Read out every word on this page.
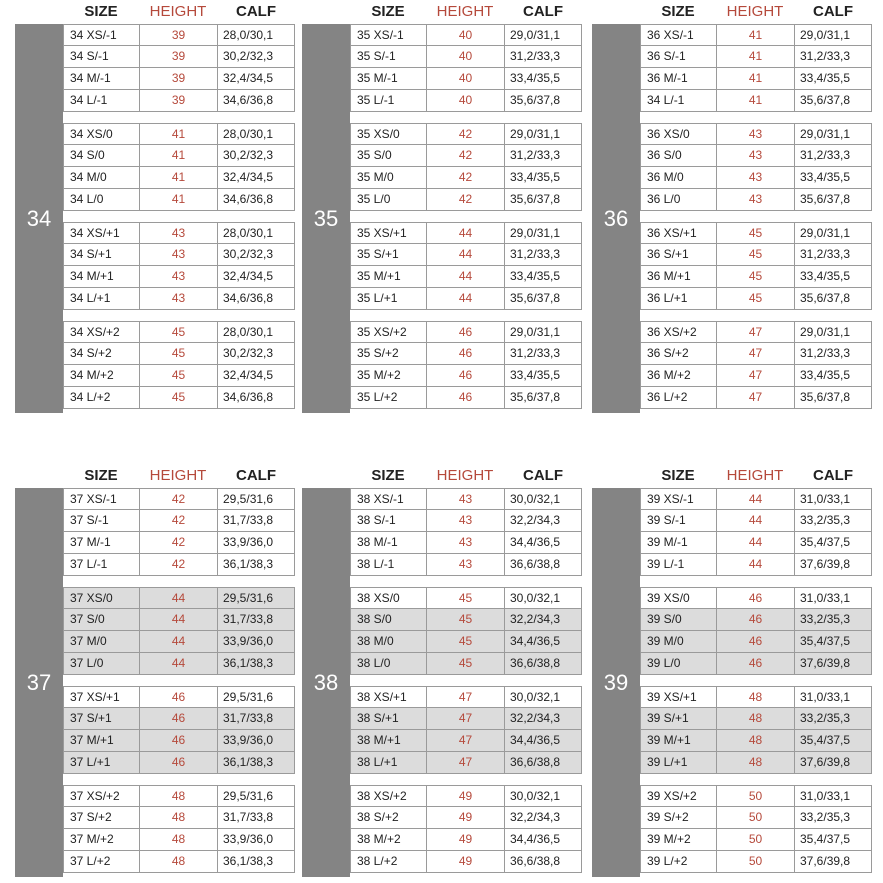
SIZE	HEIGHT	CALF
34
34 XS/-1	39	28,0/30,1
34 S/-1	39	30,2/32,3
34 M/-1	39	32,4/34,5
34 L/-1	39	34,6/36,8
34 XS/0	41	28,0/30,1
34 S/0	41	30,2/32,3
34 M/0	41	32,4/34,5
34 L/0	41	34,6/36,8
34 XS/+1	43	28,0/30,1
34 S/+1	43	30,2/32,3
34 M/+1	43	32,4/34,5
34 L/+1	43	34,6/36,8
34 XS/+2	45	28,0/30,1
34 S/+2	45	30,2/32,3
34 M/+2	45	32,4/34,5
34 L/+2	45	34,6/36,8
SIZE	HEIGHT	CALF
35
35 XS/-1	40	29,0/31,1
35 S/-1	40	31,2/33,3
35 M/-1	40	33,4/35,5
35 L/-1	40	35,6/37,8
35 XS/0	42	29,0/31,1
35 S/0	42	31,2/33,3
35 M/0	42	33,4/35,5
35 L/0	42	35,6/37,8
35 XS/+1	44	29,0/31,1
35 S/+1	44	31,2/33,3
35 M/+1	44	33,4/35,5
35 L/+1	44	35,6/37,8
35 XS/+2	46	29,0/31,1
35 S/+2	46	31,2/33,3
35 M/+2	46	33,4/35,5
35 L/+2	46	35,6/37,8
SIZE	HEIGHT	CALF
36
36 XS/-1	41	29,0/31,1
36 S/-1	41	31,2/33,3
36 M/-1	41	33,4/35,5
34 L/-1	41	35,6/37,8
36 XS/0	43	29,0/31,1
36 S/0	43	31,2/33,3
36 M/0	43	33,4/35,5
36 L/0	43	35,6/37,8
36 XS/+1	45	29,0/31,1
36 S/+1	45	31,2/33,3
36 M/+1	45	33,4/35,5
36 L/+1	45	35,6/37,8
36 XS/+2	47	29,0/31,1
36 S/+2	47	31,2/33,3
36 M/+2	47	33,4/35,5
36 L/+2	47	35,6/37,8
SIZE	HEIGHT	CALF
37
37 XS/-1	42	29,5/31,6
37 S/-1	42	31,7/33,8
37 M/-1	42	33,9/36,0
37 L/-1	42	36,1/38,3
37 XS/0	44	29,5/31,6
37 S/0	44	31,7/33,8
37 M/0	44	33,9/36,0
37 L/0	44	36,1/38,3
37 XS/+1	46	29,5/31,6
37 S/+1	46	31,7/33,8
37 M/+1	46	33,9/36,0
37 L/+1	46	36,1/38,3
37 XS/+2	48	29,5/31,6
37 S/+2	48	31,7/33,8
37 M/+2	48	33,9/36,0
37 L/+2	48	36,1/38,3
SIZE	HEIGHT	CALF
38
38 XS/-1	43	30,0/32,1
38 S/-1	43	32,2/34,3
38 M/-1	43	34,4/36,5
38 L/-1	43	36,6/38,8
38 XS/0	45	30,0/32,1
38 S/0	45	32,2/34,3
38 M/0	45	34,4/36,5
38 L/0	45	36,6/38,8
38 XS/+1	47	30,0/32,1
38 S/+1	47	32,2/34,3
38 M/+1	47	34,4/36,5
38 L/+1	47	36,6/38,8
38 XS/+2	49	30,0/32,1
38 S/+2	49	32,2/34,3
38 M/+2	49	34,4/36,5
38 L/+2	49	36,6/38,8
SIZE	HEIGHT	CALF
39
39 XS/-1	44	31,0/33,1
39 S/-1	44	33,2/35,3
39 M/-1	44	35,4/37,5
39 L/-1	44	37,6/39,8
39 XS/0	46	31,0/33,1
39 S/0	46	33,2/35,3
39 M/0	46	35,4/37,5
39 L/0	46	37,6/39,8
39 XS/+1	48	31,0/33,1
39 S/+1	48	33,2/35,3
39 M/+1	48	35,4/37,5
39 L/+1	48	37,6/39,8
39 XS/+2	50	31,0/33,1
39 S/+2	50	33,2/35,3
39 M/+2	50	35,4/37,5
39 L/+2	50	37,6/39,8
